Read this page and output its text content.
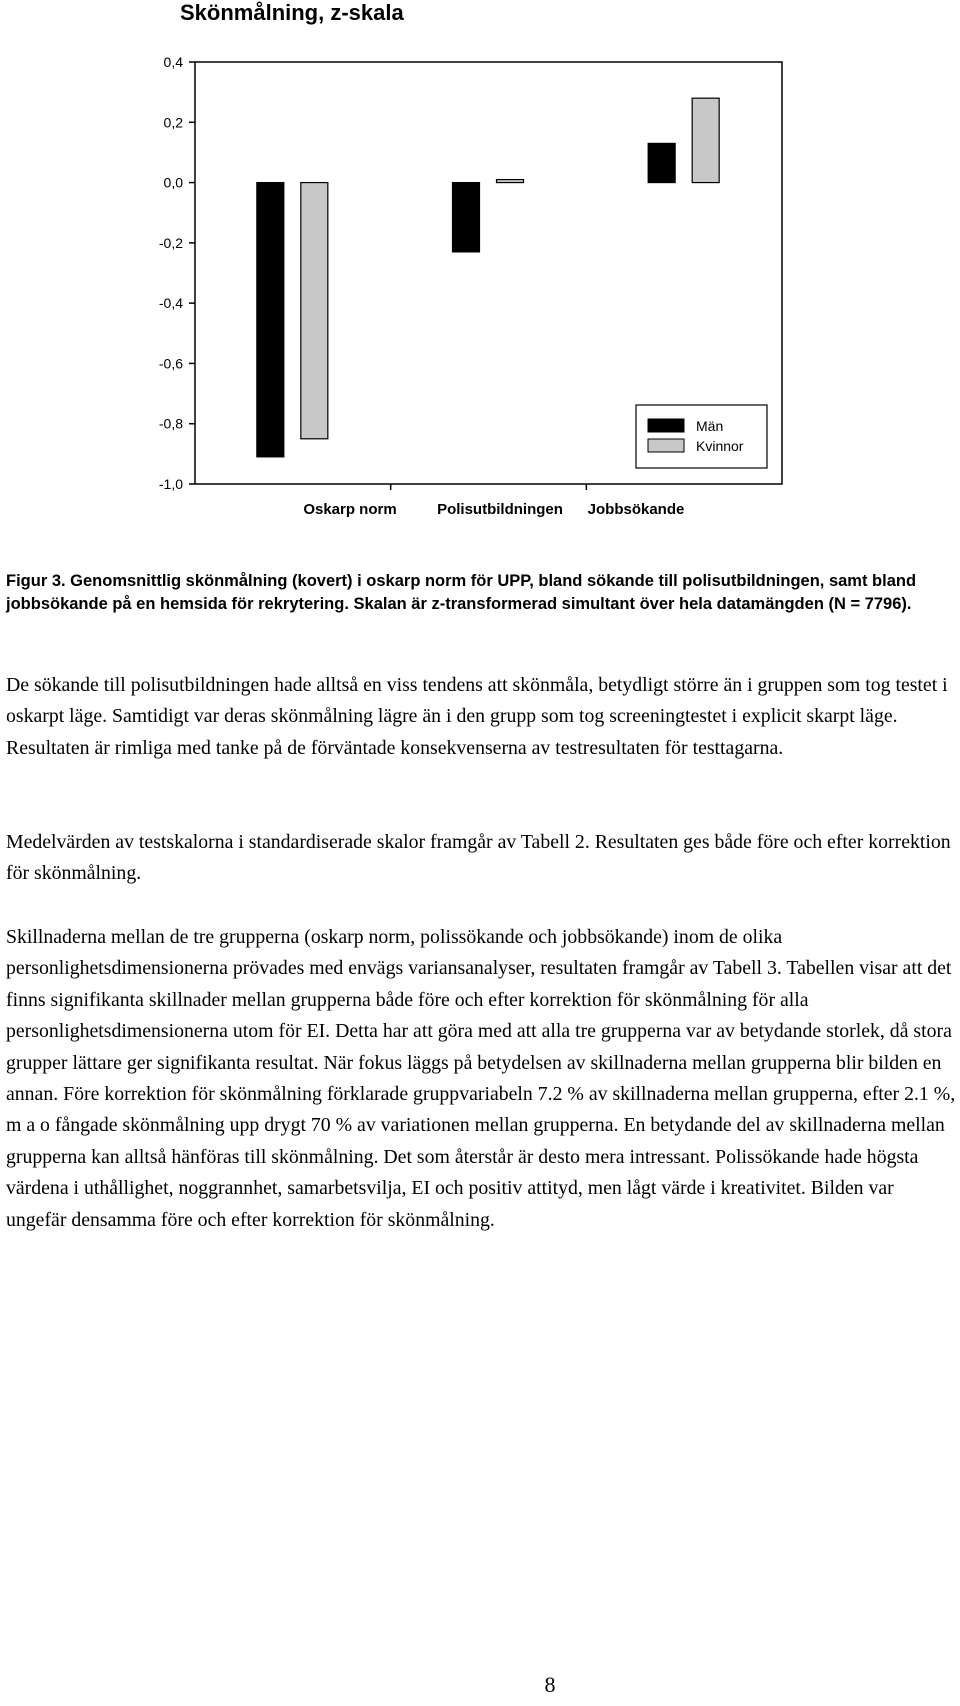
Skönmålning, z-skala
0,4
0,2
0,0
-0,2
-0,4
-0,6
-0,8
-1,0
Oskarp norm	Polisutbildningen Jobbsökande
Män
Kvinnor

Figur 3. Genomsnittlig skönmålning (kovert) i oskarp norm för UPP, bland sökande till polisutbildningen, samt bland jobbsökande på en hemsida för rekrytering. Skalan är z-transformerad simultant över hela datamängden (N = 7796).

De sökande till polisutbildningen hade alltså en viss tendens att skönmåla, betydligt större än i gruppen som tog testet i oskarpt läge. Samtidigt var deras skönmålning lägre än i den grupp som tog screeningtestet i explicit skarpt läge. Resultaten är rimliga med tanke på de förväntade konsekvenserna av testresultaten för testtagarna.

Medelvärden av testskalorna i standardiserade skalor framgår av Tabell 2. Resultaten ges både före och efter korrektion för skönmålning.

Skillnaderna mellan de tre grupperna (oskarp norm, polissökande och jobbsökande) inom de olika personlighetsdimensionerna prövades med envägs variansanalyser, resultaten framgår av Tabell 3. Tabellen visar att det finns signifikanta skillnader mellan grupperna både före och efter korrektion för skönmålning för alla personlighetsdimensionerna utom för EI. Detta har att göra med att alla tre grupperna var av betydande storlek, då stora grupper lättare ger signifikanta resultat. När fokus läggs på betydelsen av skillnaderna mellan grupperna blir bilden en annan. Före korrektion för skönmålning förklarade gruppvariabeln 7.2 % av skillnaderna mellan grupperna, efter 2.1 %, m a o fångade skönmålning upp drygt 70 % av variationen mellan grupperna. En betydande del av skillnaderna mellan grupperna kan alltså hänföras till skönmålning. Det som återstår är desto mera intressant. Polissökande hade högsta värdena i uthållighet, noggrannhet, samarbetsvilja, EI och positiv attityd, men lågt värde i kreativitet. Bilden var ungefär densamma före och efter korrektion för skönmålning.

8
